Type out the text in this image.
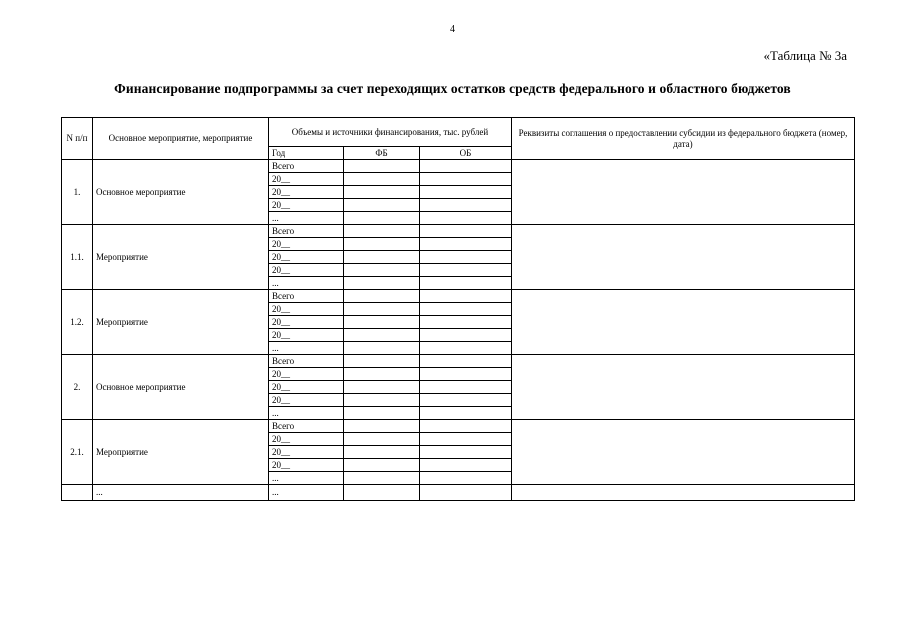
4
«Таблица № 3а
Финансирование подпрограммы за счет переходящих остатков средств федерального и областного бюджетов
N п/п	Основное мероприятие, мероприятие	Объемы и источники финансирования, тыс. рублей			Реквизиты соглашения о предоставлении субсидии из федерального бюджета (номер, дата)
		Год	ФБ	ОБ	
1.	Основное мероприятие	Всего			
		20__			
		20__			
		20__			
		...			
1.1.	Мероприятие	Всего			
		20__			
		20__			
		20__			
		...			
1.2.	Мероприятие	Всего			
		20__			
		20__			
		20__			
		...			
2.	Основное мероприятие	Всего			
		20__			
		20__			
		20__			
		...			
2.1.	Мероприятие	Всего			
		20__			
		20__			
		20__			
		...			
	...	...			
